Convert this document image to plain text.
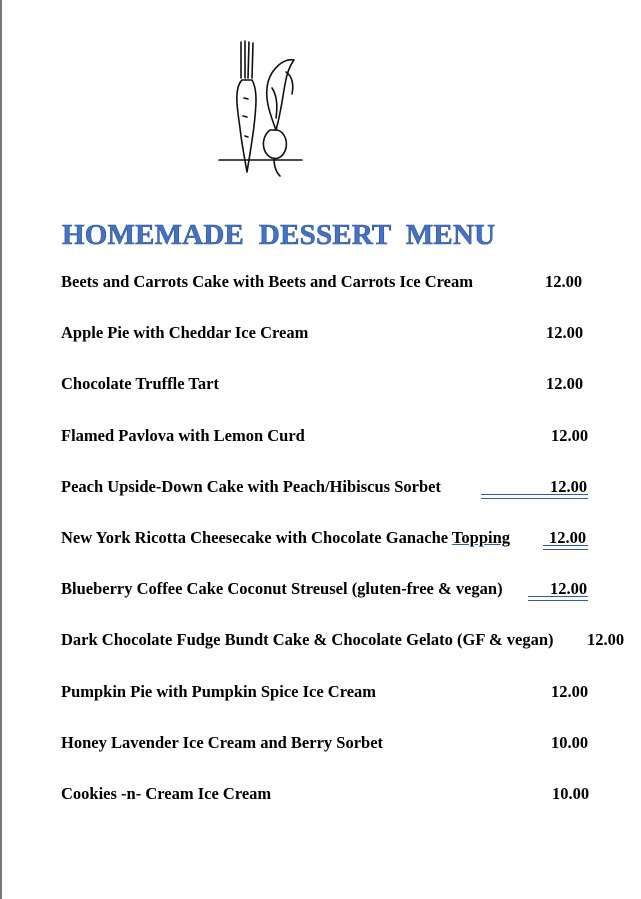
HOMEMADE  DESSERT  MENU
Beets and Carrots Cake with Beets and Carrots Ice Cream	12.00
Apple Pie with Cheddar Ice Cream	12.00
Chocolate Truffle Tart	12.00
Flamed Pavlova with Lemon Curd	12.00
Peach Upside-Down Cake with Peach/Hibiscus Sorbet	12.00
New York Ricotta Cheesecake with Chocolate Ganache Topping 12.00
Blueberry Coffee Cake Coconut Streusel (gluten-free & vegan)	12.00
Dark Chocolate Fudge Bundt Cake & Chocolate Gelato (GF & vegan) 12.00
Pumpkin Pie with Pumpkin Spice Ice Cream	12.00
Honey Lavender Ice Cream and Berry Sorbet	10.00
Cookies -n- Cream Ice Cream	10.00
